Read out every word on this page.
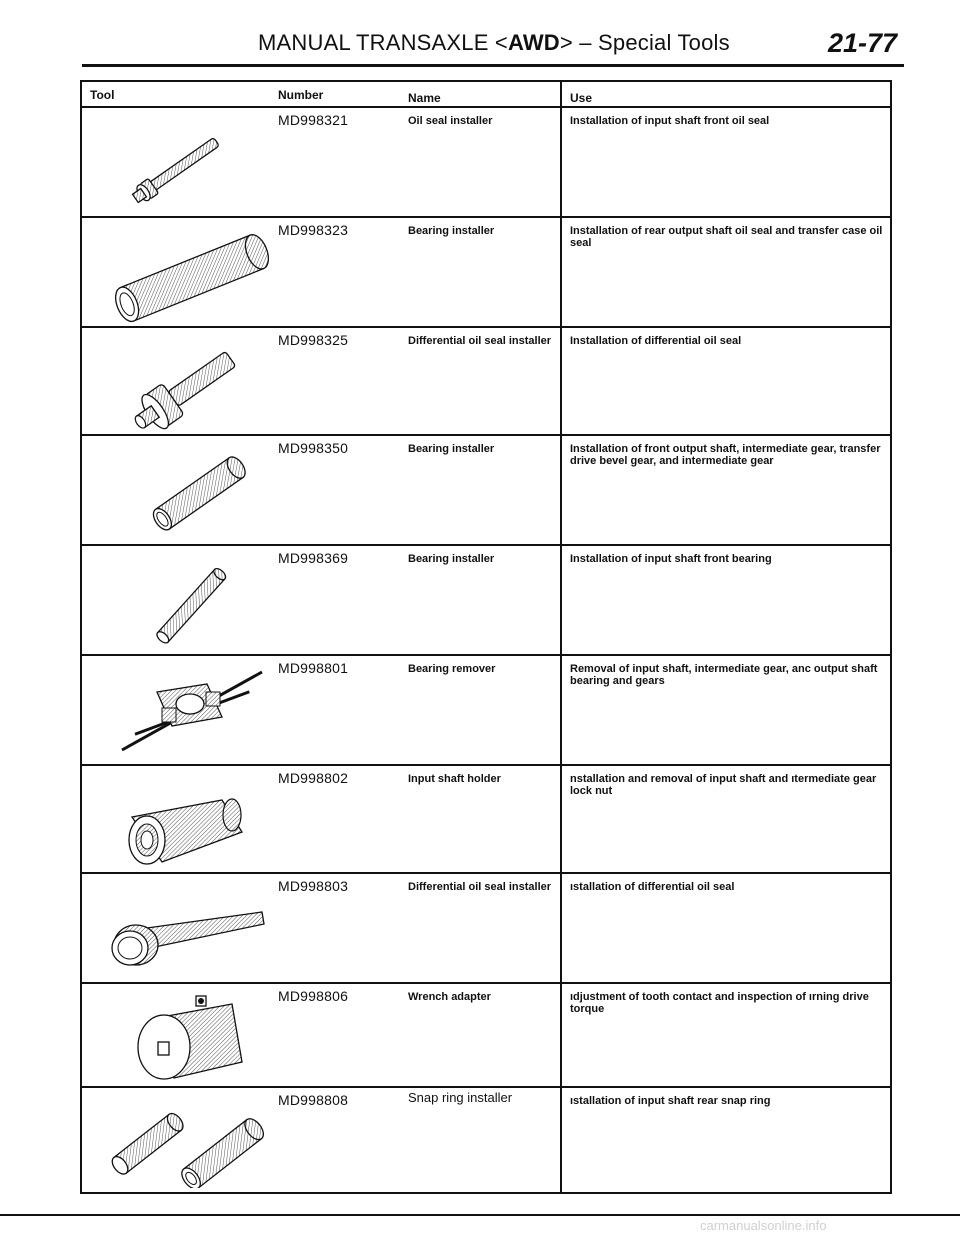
MANUAL TRANSAXLE <AWD> – Special Tools	21-77
Tool	Number	Name	Use
MD998321	Oil seal installer	Installation of input shaft front oil seal
MD998323	Bearing installer	Installation of rear output shaft oil seal and transfer case oil seal
MD998325	Differential oil seal installer	Installation of differential oil seal
MD998350	Bearing installer	Installation of front output shaft, intermediate gear, transfer drive bevel gear, and intermediate gear
MD998369	Bearing installer	Installation of input shaft front bearing
MD998801	Bearing remover	Removal of input shaft, intermediate gear, anc output shaft bearing and gears
MD998802	Input shaft holder	nstallation and removal of input shaft and ıtermediate gear lock nut
MD998803	Differential oil seal installer	ıstallation of differential oil seal
MD998806	Wrench adapter	ıdjustment of tooth contact and inspection of ırning drive torque
MD998808	Snap ring installer	ıstallation of input shaft rear snap ring
carmanualsonline.info
